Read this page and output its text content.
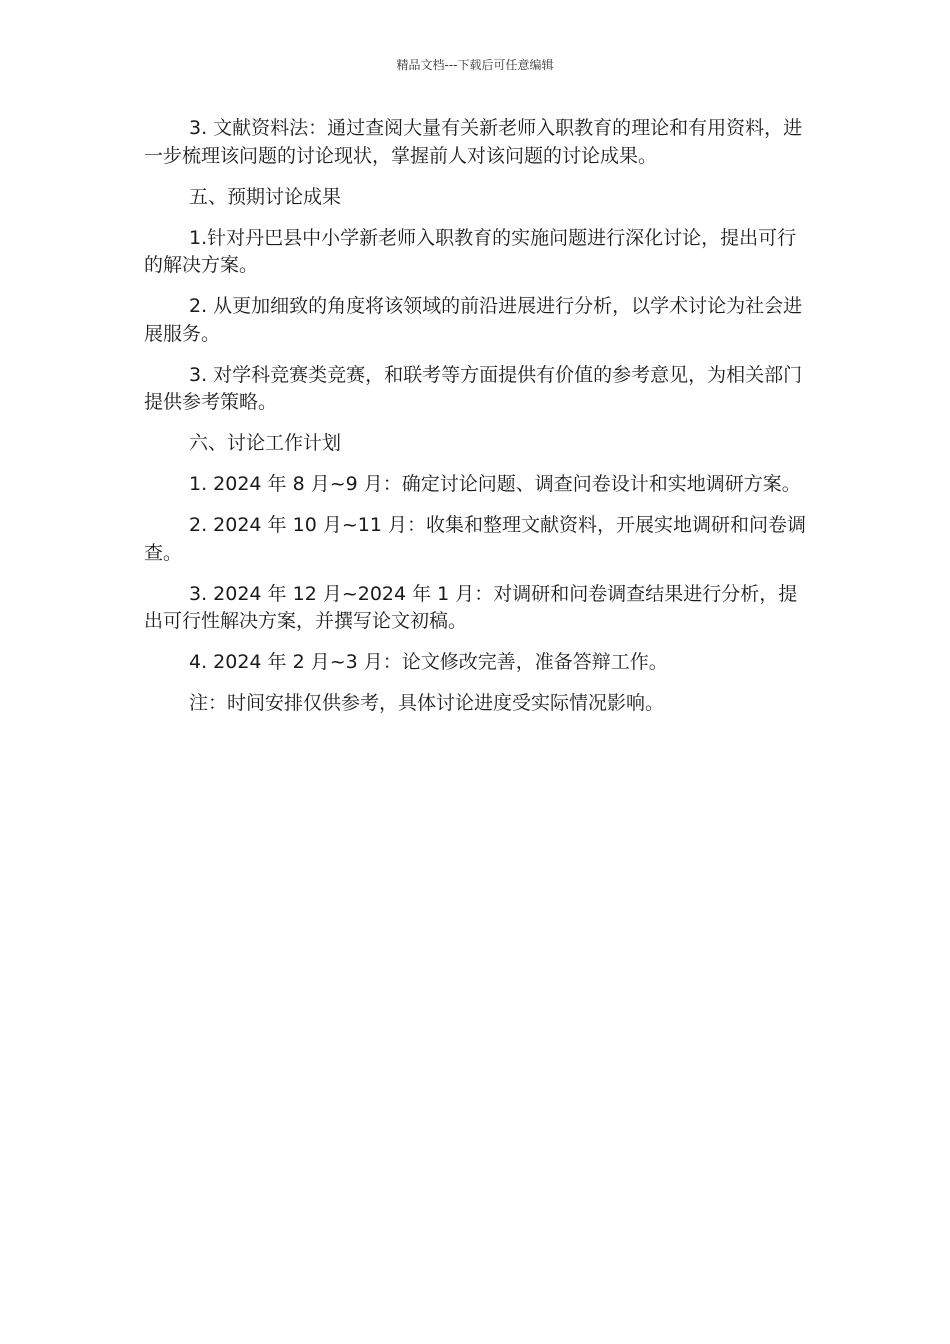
精品文档---下载后可任意编辑

3. 文献资料法：通过查阅大量有关新老师入职教育的理论和有用资料，进一步梳理该问题的讨论现状，掌握前人对该问题的讨论成果。

五、预期讨论成果

1.针对丹巴县中小学新老师入职教育的实施问题进行深化讨论，提出可行的解决方案。

2. 从更加细致的角度将该领域的前沿进展进行分析，以学术讨论为社会进展服务。

3. 对学科竞赛类竞赛，和联考等方面提供有价值的参考意见，为相关部门提供参考策略。

六、讨论工作计划

1. 2024 年 8 月~9 月：确定讨论问题、调查问卷设计和实地调研方案。

2. 2024 年 10 月~11 月：收集和整理文献资料，开展实地调研和问卷调查。

3. 2024 年 12 月~2024 年 1 月：对调研和问卷调查结果进行分析，提出可行性解决方案，并撰写论文初稿。

4. 2024 年 2 月~3 月：论文修改完善，准备答辩工作。

注：时间安排仅供参考，具体讨论进度受实际情况影响。
